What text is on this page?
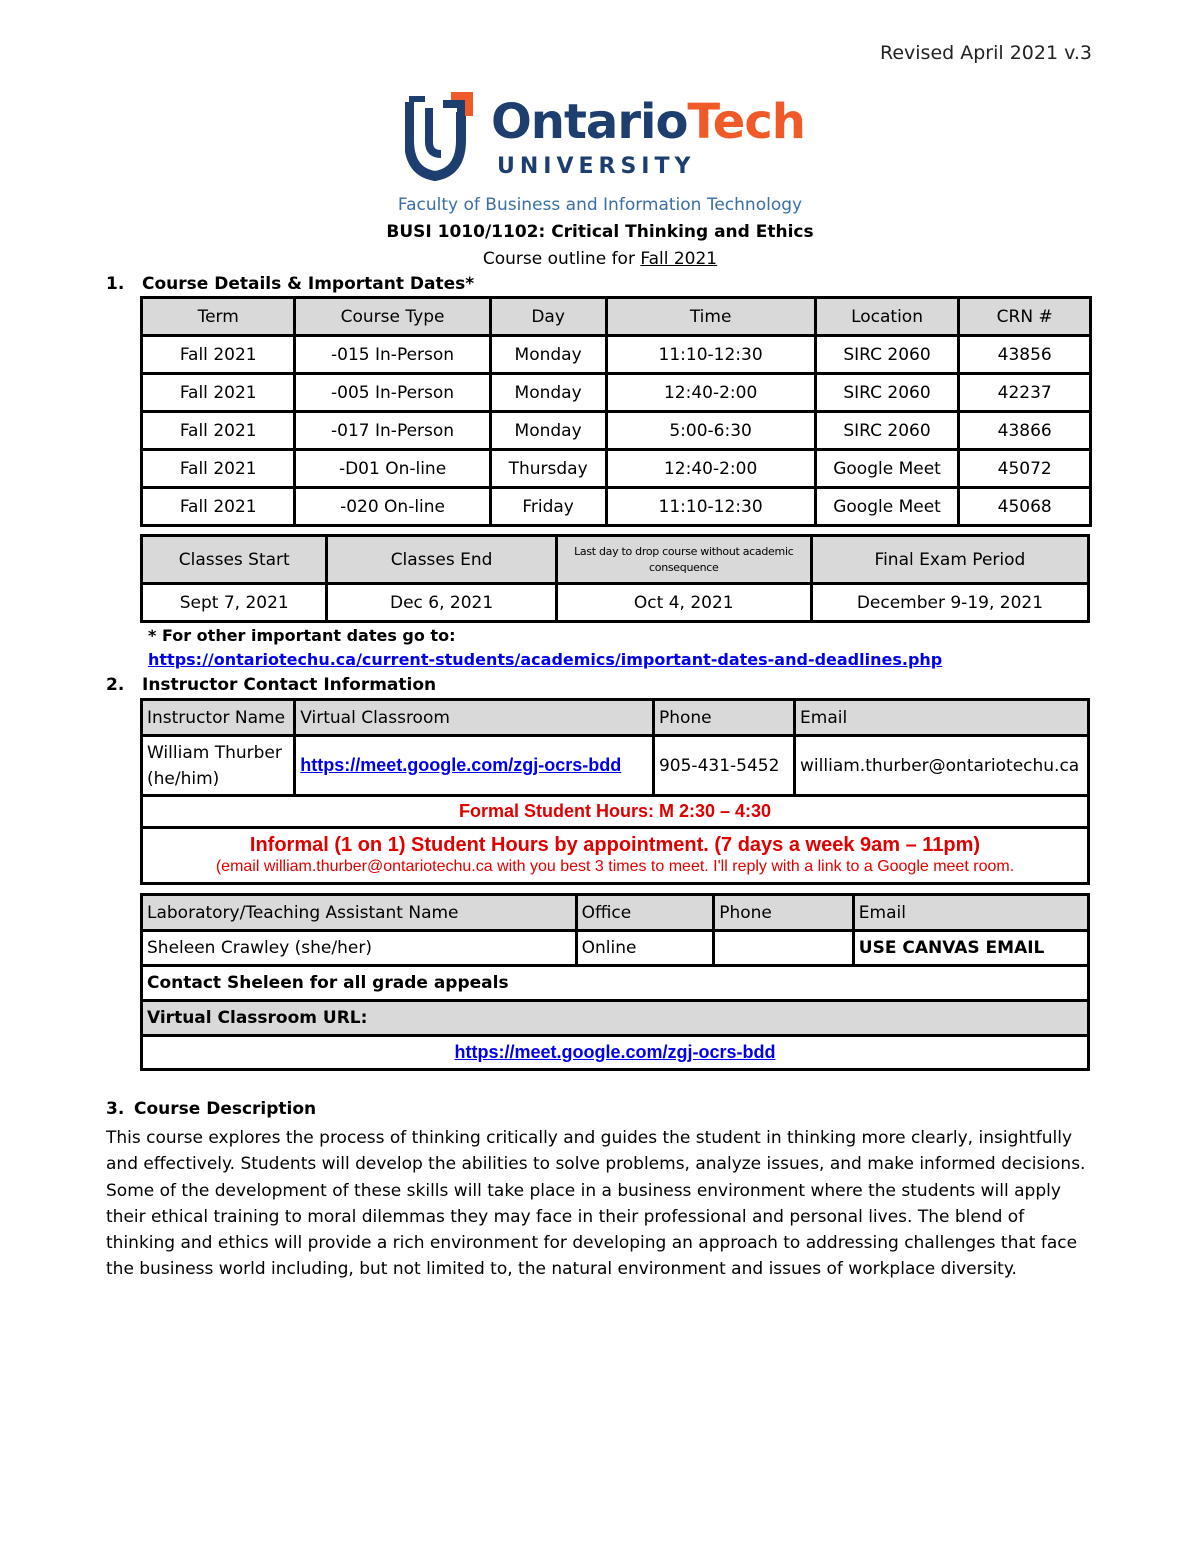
Revised April 2021 v.3
OntarioTech
UNIVERSITY
Faculty of Business and Information Technology
BUSI 1010/1102: Critical Thinking and Ethics
Course outline for Fall 2021
1. Course Details & Important Dates*
Term	Course Type	Day	Time	Location	CRN #
Fall 2021	-015 In-Person	Monday	11:10-12:30	SIRC 2060	43856
Fall 2021	-005 In-Person	Monday	12:40-2:00	SIRC 2060	42237
Fall 2021	-017 In-Person	Monday	5:00-6:30	SIRC 2060	43866
Fall 2021	-D01 On-line	Thursday	12:40-2:00	Google Meet	45072
Fall 2021	-020 On-line	Friday	11:10-12:30	Google Meet	45068
Classes Start	Classes End	Last day to drop course without academic consequence	Final Exam Period
Sept 7, 2021	Dec 6, 2021	Oct 4, 2021	December 9-19, 2021
* For other important dates go to:
https://ontariotechu.ca/current-students/academics/important-dates-and-deadlines.php
2. Instructor Contact Information
Instructor Name	Virtual Classroom	Phone	Email

William Thurber
(he/him)	https://meet.google.com/zgj-ocrs-bdd	905-431-5452	william.thurber@ontariotechu.ca
Formal Student Hours: M 2:30 – 4:30			

Informal (1 on 1) Student Hours by appointment. (7 days a week 9am – 11pm)
(email william.thurber@ontariotechu.ca with you best 3 times to meet. I'll reply with a link to a Google meet room.			
Laboratory/Teaching Assistant Name	Office	Phone	Email
Sheleen Crawley (she/her)	Online		USE CANVAS EMAIL
Contact Sheleen for all grade appeals			
Virtual Classroom URL:			
https://meet.google.com/zgj-ocrs-bdd			
3. Course Description
This course explores the process of thinking critically and guides the student in thinking more clearly, insightfully and effectively. Students will develop the abilities to solve problems, analyze issues, and make informed decisions. Some of the development of these skills will take place in a business environment where the students will apply their ethical training to moral dilemmas they may face in their professional and personal lives. The blend of thinking and ethics will provide a rich environment for developing an approach to addressing challenges that face the business world including, but not limited to, the natural environment and issues of workplace diversity.
